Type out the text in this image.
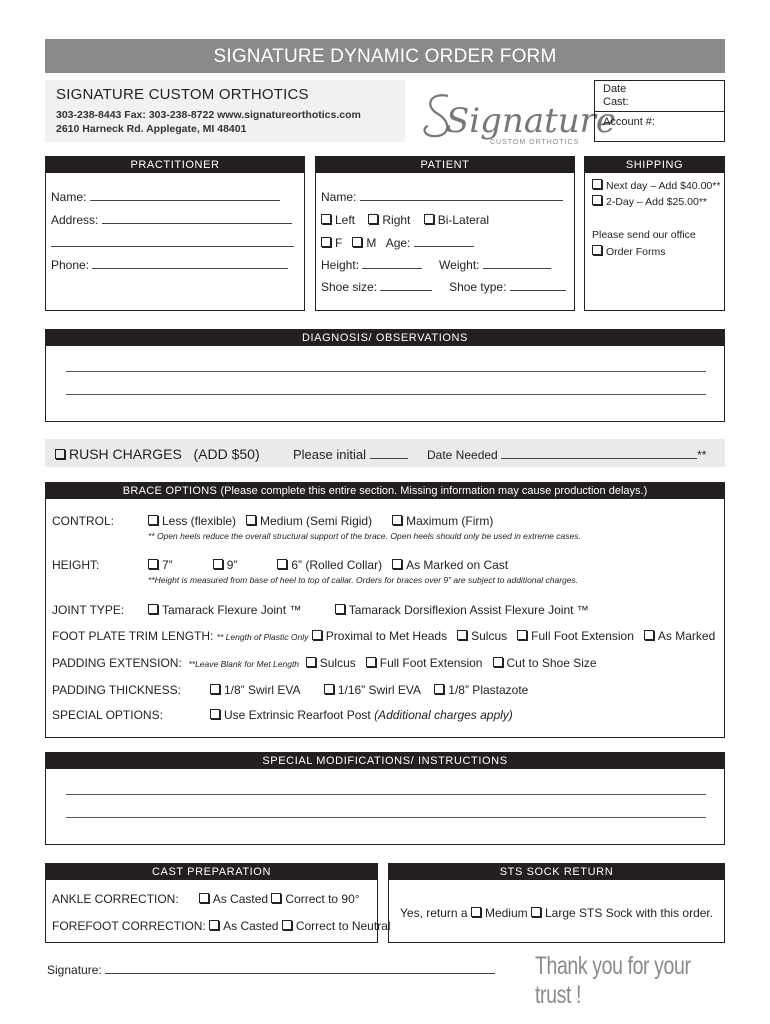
SIGNATURE DYNAMIC ORDER FORM
SIGNATURE CUSTOM ORTHOTICS
303-238-8443 Fax: 303-238-8722 www.signatureorthotics.com
2610 Harneck Rd. Applegate, MI 48401	Signature
CUSTOM ORTHOTICS
Date
Cast:
Account #:
PRACTITIONER
Name:
Address:
Phone:
PATIENT
Name:
Left Right Bi-Lateral
F M Age:
Height:	Weight:
Shoe size:	Shoe type:
SHIPPING
Next day – Add $40.00**
2-Day – Add $25.00**
Please send our office
Order Forms
DIAGNOSIS/ OBSERVATIONS
RUSH CHARGES (ADD $50)	Please initial	Date Needed	**
BRACE OPTIONS (Please complete this entire section. Missing information may cause production delays.)
CONTROL:	Less (flexible) Medium (Semi Rigid)	Maximum (Firm)
** Open heels reduce the overall structural support of the brace. Open heels should only be used in extreme cases.
HEIGHT:	7”	9”	6” (Rolled Collar) As Marked on Cast
**Height is measured from base of heel to top of callar. Orders for braces over 9” are subject to additional charges.
JOINT TYPE:	Tamarack Flexure Joint ™	Tamarack Dorsiflexion Assist Flexure Joint ™
FOOT PLATE TRIM LENGTH: ** Length of Plastic Only Proximal to Met Heads Sulcus Full Foot Extension As Marked
PADDING EXTENSION: **Leave Blank for Met Length Sulcus Full Foot Extension Cut to Shoe Size
PADDING THICKNESS:	1/8” Swirl EVA	1/16” Swirl EVA 1/8” Plastazote
SPECIAL OPTIONS:	Use Extrinsic Rearfoot Post (Additional charges apply)
SPECIAL MODIFICATIONS/ INSTRUCTIONS
CAST PREPARATION
ANKLE CORRECTION:	As Casted Correct to 90°
FOREFOOT CORRECTION: As Casted Correct to Neutral
STS SOCK RETURN
Yes, return a Medium Large STS Sock with this order.
Signature:	Thank you for your trust !
